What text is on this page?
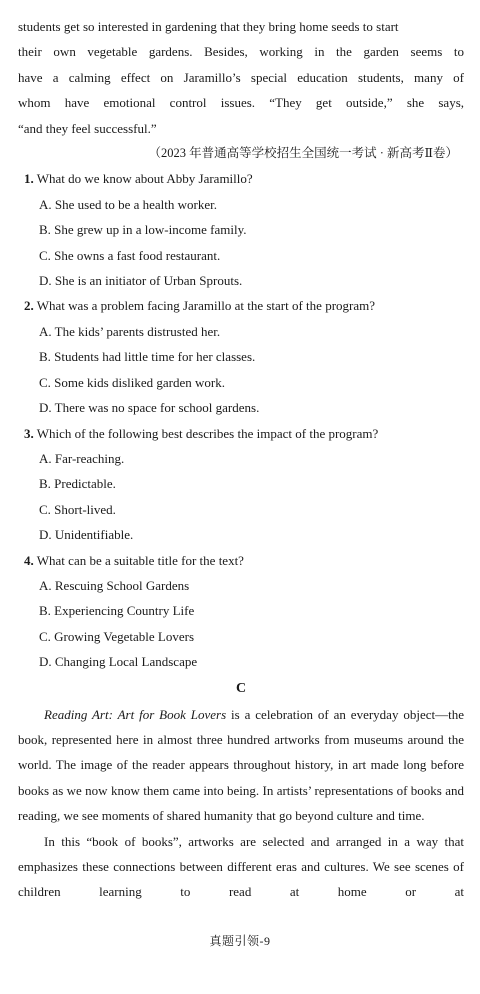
students get so interested in gardening that they bring home seeds to start

their own vegetable gardens. Besides, working in the garden seems to

have a calming effect on Jaramillo’s special education students, many of

whom have emotional control issues. “They get outside,” she says,

“and they feel successful.”

（2023 年普通高等学校招生全国统一考试 · 新高考Ⅱ卷）

1. What do we know about Abby Jaramillo?

A. She used to be a health worker.

B. She grew up in a low-income family.

C. She owns a fast food restaurant.

D. She is an initiator of Urban Sprouts.

2. What was a problem facing Jaramillo at the start of the program?

A. The kids’ parents distrusted her.

B. Students had little time for her classes.

C. Some kids disliked garden work.

D. There was no space for school gardens.

3. Which of the following best describes the impact of the program?

A. Far-reaching.

B. Predictable.

C. Short-lived.

D. Unidentifiable.

4. What can be a suitable title for the text?

A. Rescuing School Gardens

B. Experiencing Country Life

C. Growing Vegetable Lovers

D. Changing Local Landscape

C

Reading Art: Art for Book Lovers is a celebration of an everyday object—the book, represented here in almost three hundred artworks from museums around the world. The image of the reader appears throughout history, in art made long before books as we now know them came into being. In artists’ representations of books and reading, we see moments of shared humanity that go beyond culture and time.

In this “book of books”, artworks are selected and arranged in a way that emphasizes these connections between different eras and cultures. We see scenes of children learning to read at home or at

真题引领-9
